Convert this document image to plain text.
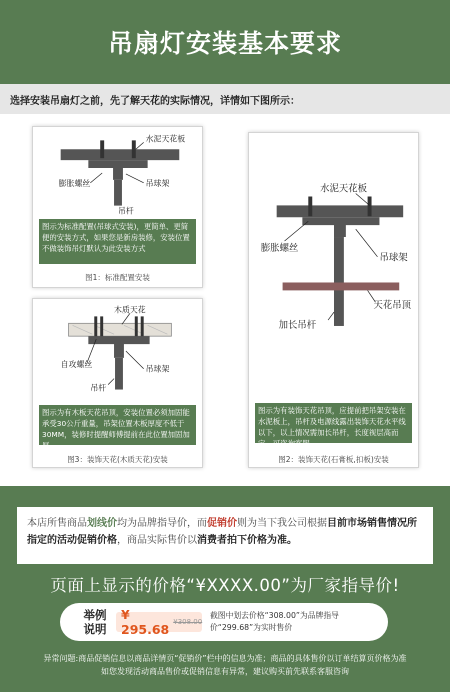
吊扇灯安装基本要求
选择安装吊扇灯之前，先了解天花的实际情况，详情如下图所示：
水泥天花板
膨胀螺丝	吊球架
吊杆
图示为标准配置(吊球式安装)，更简单、更简便的安装方式，如果您是新房装修，安装位置不做装饰吊灯默认为此安装方式
图1：标准配置安装
木质天花
自攻螺丝
吊球架
吊杆
图示为有木板天花吊顶，安装位置必须加固能承受30公斤重量，吊架位置木板厚度不低于30MM，装修时提醒师傅提前在此位置加固加厚。
图3：装饰天花(木质天花)安装
水泥天花板
膨胀螺丝
吊球架
天花吊顶
加长吊杆
图示为有装饰天花吊顶，应提前把吊架安装在水泥板上，吊杆及电源线露出装饰天花水平线以下，以上情况需加长吊杆，长度视层高而定，可咨询客服
图2：装饰天花(石膏板,扣板)安装
本店所售商品划线价均为品牌指导价，而促销价则为当下我公司根据目前市场销售情况所指定的活动促销价格，商品实际售价以消费者拍下价格为准。
页面上显示的价格“¥XXXX.00”为厂家指导价!
举例说明
¥ 295.68 ¥308.00
截图中划去价格“308.00”为品牌指导价“299.68”为实时售价
异常问题:商品促销信息以商品详情页“促销价”栏中的信息为准；商品的具体售价以订单结算页价格为准
如您发现活动商品售价或促销信息有异常，建议购买前先联系客服咨询
